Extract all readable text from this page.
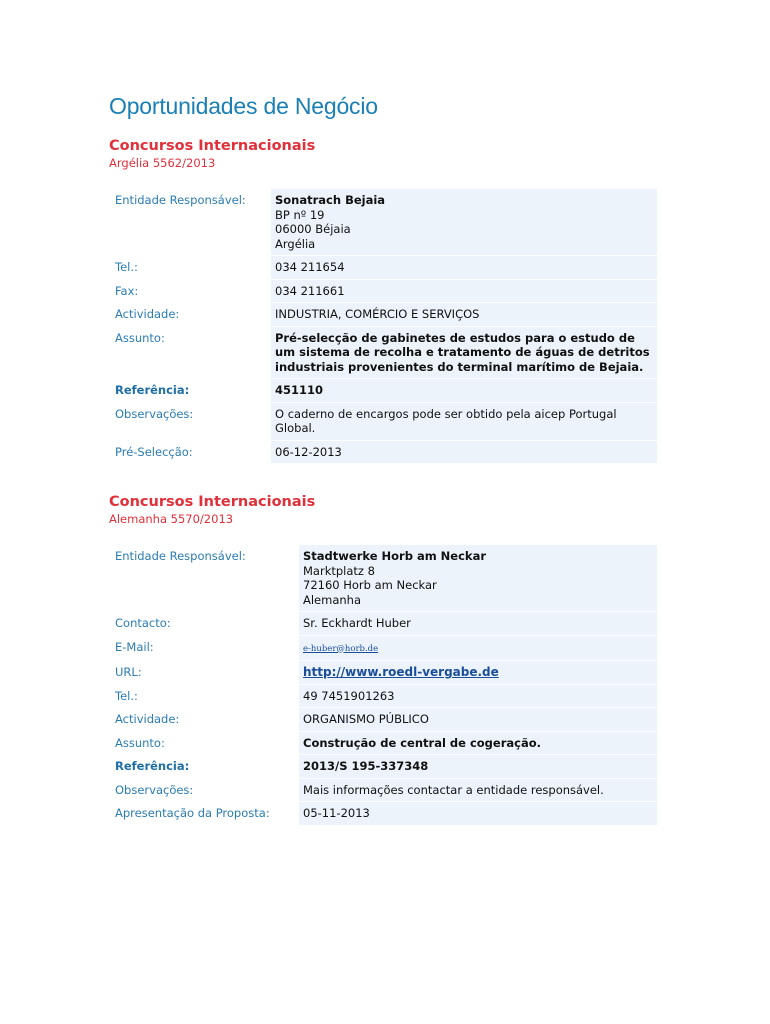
Oportunidades de Negócio
Concursos Internacionais

Argélia 5562/2013

Entidade Responsável:	Sonatrach Bejaia
BP nº 19
06000 Béjaia
Argélia
Tel.:	034 211654
Fax:	034 211661
Actividade:	INDUSTRIA, COMÉRCIO E SERVIÇOS
Assunto:	Pré-selecção de gabinetes de estudos para o estudo de um sistema de recolha e tratamento de águas de detritos industriais provenientes do terminal marítimo de Bejaia.
Referência:	451110
Observações:	O caderno de encargos pode ser obtido pela aicep Portugal Global.
Pré-Selecção:	06-12-2013
Concursos Internacionais

Alemanha 5570/2013

Entidade Responsável:	Stadtwerke Horb am Neckar
Marktplatz 8
72160 Horb am Neckar
Alemanha
Contacto:	Sr. Eckhardt Huber
E-Mail:	e-huber@horb.de
URL:	http://www.roedl-vergabe.de
Tel.:	49 7451901263
Actividade:	ORGANISMO PÚBLICO
Assunto:	Construção de central de cogeração.
Referência:	2013/S 195-337348
Observações:	Mais informações contactar a entidade responsável.
Apresentação da Proposta:	05-11-2013
